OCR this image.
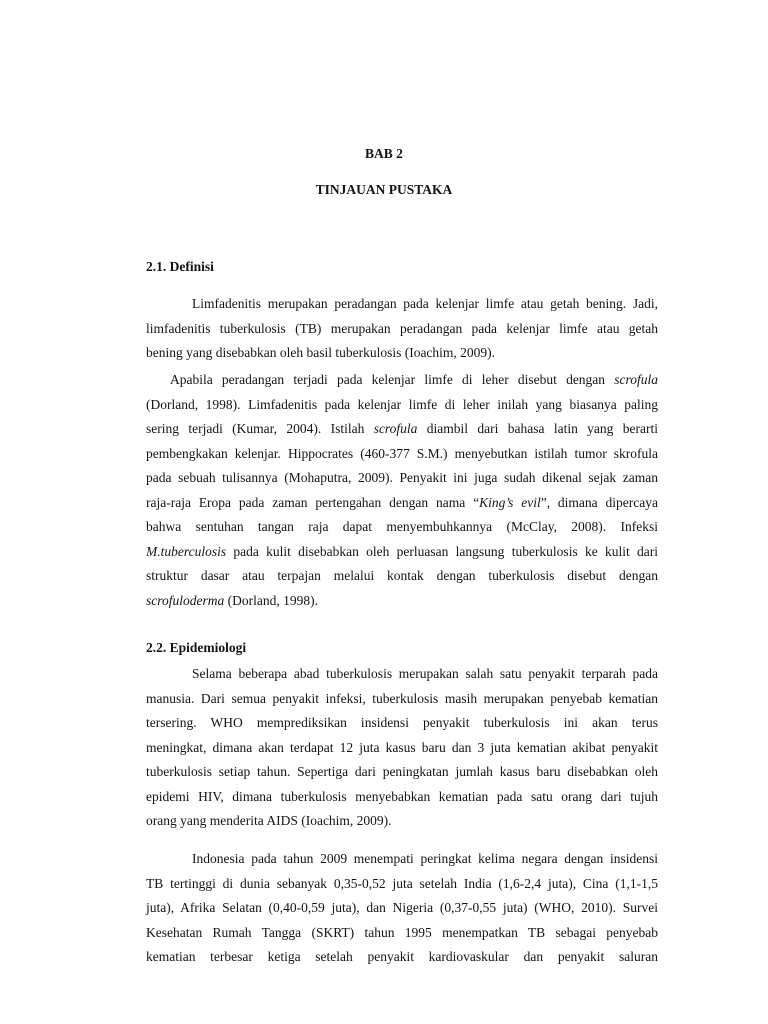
BAB 2
TINJAUAN PUSTAKA
2.1. Definisi
Limfadenitis merupakan peradangan pada kelenjar limfe atau getah bening. Jadi,
limfadenitis tuberkulosis (TB) merupakan peradangan pada kelenjar limfe atau getah
bening yang disebabkan oleh basil tuberkulosis (Ioachim, 2009).
Apabila peradangan terjadi pada kelenjar limfe di leher disebut dengan scrofula
(Dorland, 1998). Limfadenitis pada kelenjar limfe di leher inilah yang biasanya paling
sering terjadi (Kumar, 2004). Istilah scrofula diambil dari bahasa latin yang berarti
pembengkakan kelenjar. Hippocrates (460-377 S.M.) menyebutkan istilah tumor skrofula
pada sebuah tulisannya (Mohaputra, 2009). Penyakit ini juga sudah dikenal sejak zaman
raja-raja Eropa pada zaman pertengahan dengan nama “King’s evil”, dimana dipercaya
bahwa sentuhan tangan raja dapat menyembuhkannya (McClay, 2008). Infeksi
M.tuberculosis pada kulit disebabkan oleh perluasan langsung tuberkulosis ke kulit dari
struktur dasar atau terpajan melalui kontak dengan tuberkulosis disebut dengan
scrofuloderma (Dorland, 1998).
2.2. Epidemiologi
Selama beberapa abad tuberkulosis merupakan salah satu penyakit terparah pada
manusia. Dari semua penyakit infeksi, tuberkulosis masih merupakan penyebab kematian
tersering. WHO memprediksikan insidensi penyakit tuberkulosis ini akan terus
meningkat, dimana akan terdapat 12 juta kasus baru dan 3 juta kematian akibat penyakit
tuberkulosis setiap tahun. Sepertiga dari peningkatan jumlah kasus baru disebabkan oleh
epidemi HIV, dimana tuberkulosis menyebabkan kematian pada satu orang dari tujuh
orang yang menderita AIDS (Ioachim, 2009).
Indonesia pada tahun 2009 menempati peringkat kelima negara dengan insidensi
TB tertinggi di dunia sebanyak 0,35-0,52 juta setelah India (1,6-2,4 juta), Cina (1,1-1,5
juta), Afrika Selatan (0,40-0,59 juta), dan Nigeria (0,37-0,55 juta) (WHO, 2010). Survei
Kesehatan Rumah Tangga (SKRT) tahun 1995 menempatkan TB sebagai penyebab
kematian terbesar ketiga setelah penyakit kardiovaskular dan penyakit saluran
